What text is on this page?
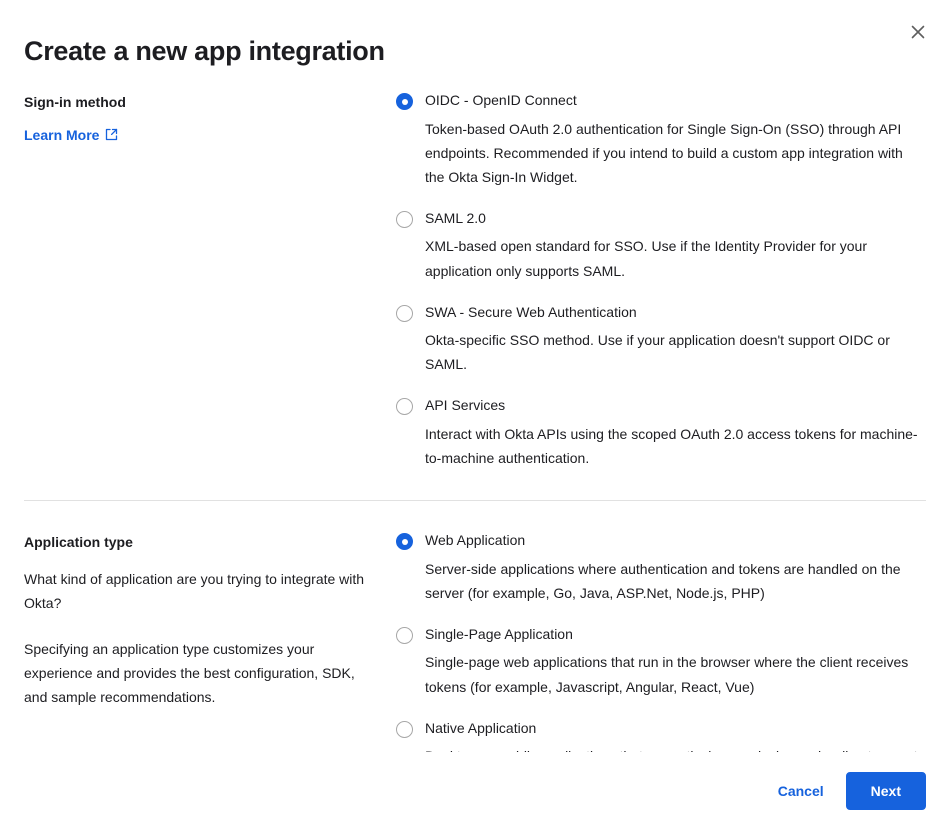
Create a new app integration
Sign-in method
Learn More
OIDC - OpenID Connect

Token-based OAuth 2.0 authentication for Single Sign-On (SSO) through API endpoints. Recommended if you intend to build a custom app integration with the Okta Sign-In Widget.

SAML 2.0

XML-based open standard for SSO. Use if the Identity Provider for your application only supports SAML.

SWA - Secure Web Authentication

Okta-specific SSO method. Use if your application doesn't support OIDC or SAML.

API Services

Interact with Okta APIs using the scoped OAuth 2.0 access tokens for machine-to-machine authentication.

Application type

What kind of application are you trying to integrate with Okta?

Specifying an application type customizes your experience and provides the best configuration, SDK, and sample recommendations.

Web Application

Server-side applications where authentication and tokens are handled on the server (for example, Go, Java, ASP.Net, Node.js, PHP)

Single-Page Application

Single-page web applications that run in the browser where the client receives tokens (for example, Javascript, Angular, React, Vue)

Native Application

Cancel	Next
